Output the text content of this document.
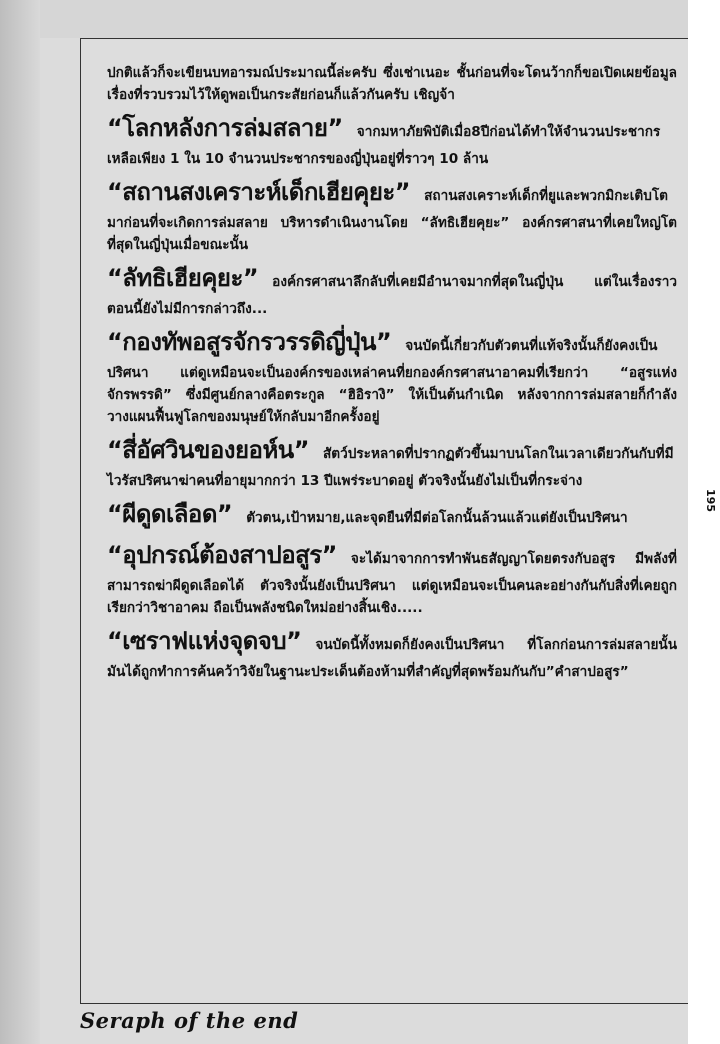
ปกติแล้วก็จะเขียนบทอารมณ์ประมาณนี้ล่ะครับ ซึ่งเช่าเนอะ ชั้นก่อนที่จะโดนว้ากก็ขอเปิดเผยข้อมูลเรื่องที่รวบรวมไว้ให้ดูพอเป็นกระสัยก่อนก็แล้วกันครับ เชิญจ้า

“โลกหลังการล่มสลาย” จากมหาภัยพิบัติเมื่อ8ปีก่อนได้ทำให้จำนวนประชากรเหลือเพียง 1 ใน 10 จำนวนประชากรของญี่ปุ่นอยู่ที่ราวๆ 10 ล้าน

“สถานสงเคราะห์เด็กเฮียคุยะ” สถานสงเคราะห์เด็กที่ยูและพวกมิกะเติบโตมาก่อนที่จะเกิดการล่มสลาย บริหารดำเนินงานโดย “ลัทธิเฮียคุยะ” องค์กรศาสนาที่เคยใหญ่โตที่สุดในญี่ปุ่นเมื่อขณะนั้น

“ลัทธิเฮียคุยะ” องค์กรศาสนาลึกลับที่เคยมีอำนาจมากที่สุดในญี่ปุ่น แต่ในเรื่องราวตอนนี้ยังไม่มีการกล่าวถึง...

“กองทัพอสูรจักรวรรดิญี่ปุ่น” จนบัดนี้เกี่ยวกับตัวตนที่แท้จริงนั้นก็ยังคงเป็นปริศนา แต่ดูเหมือนจะเป็นองค์กรของเหล่าคนที่ยกองค์กรศาสนาอาคมที่เรียกว่า “อสูรแห่งจักรพรรดิ” ซึ่งมีศูนย์กลางคือตระกูล “ฮิอิรางิ” ให้เป็นต้นกำเนิด หลังจากการล่มสลายก็กำลังวางแผนฟื้นฟูโลกของมนุษย์ให้กลับมาอีกครั้งอยู่

“สี่อัศวินของยอห์น” สัตว์ประหลาดที่ปรากฏตัวขึ้นมาบนโลกในเวลาเดียวกันกับที่มีไวรัสปริศนาฆ่าคนที่อายุมากกว่า 13 ปีแพร่ระบาดอยู่ ตัวจริงนั้นยังไม่เป็นที่กระจ่าง

“ผีดูดเลือด” ตัวตน,เป้าหมาย,และจุดยืนที่มีต่อโลกนั้นล้วนแล้วแต่ยังเป็นปริศนา

“อุปกรณ์ต้องสาปอสูร” จะได้มาจากการทำพันธสัญญาโดยตรงกับอสูร มีพลังที่สามารถฆ่าผีดูดเลือดได้ ตัวจริงนั้นยังเป็นปริศนา แต่ดูเหมือนจะเป็นคนละอย่างกันกับสิ่งที่เคยถูกเรียกว่าวิชาอาคม ถือเป็นพลังชนิดใหม่อย่างสิ้นเชิง.....

“เซราฟแห่งจุดจบ” จนบัดนี้ทั้งหมดก็ยังคงเป็นปริศนา ที่โลกก่อนการล่มสลายนั้นมันได้ถูกทำการค้นคว้าวิจัยในฐานะประเด็นต้องห้ามที่สำคัญที่สุดพร้อมกันกับ”คำสาปอสูร”

195
Seraph of the end
